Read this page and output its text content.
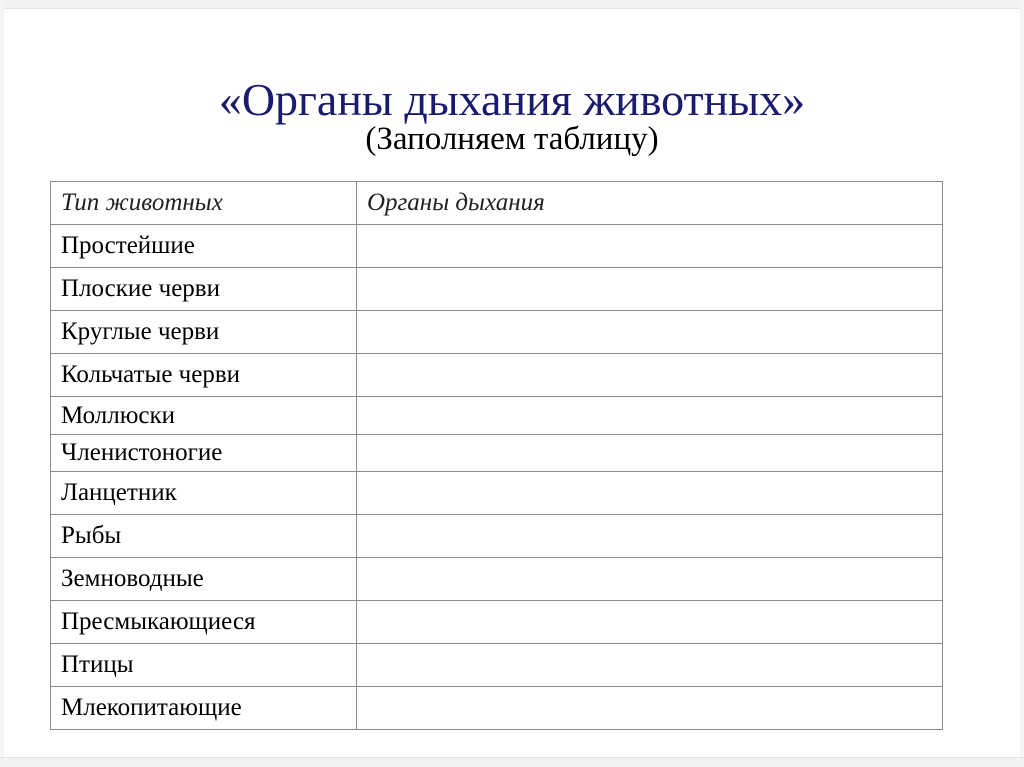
«Органы дыхания животных»
(Заполняем таблицу)
Тип животных	Органы дыхания
Простейшие	
Плоские черви	
Круглые черви	
Кольчатые черви	
Моллюски	
Членистоногие	
Ланцетник	
Рыбы	
Земноводные	
Пресмыкающиеся	
Птицы	
Млекопитающие	
